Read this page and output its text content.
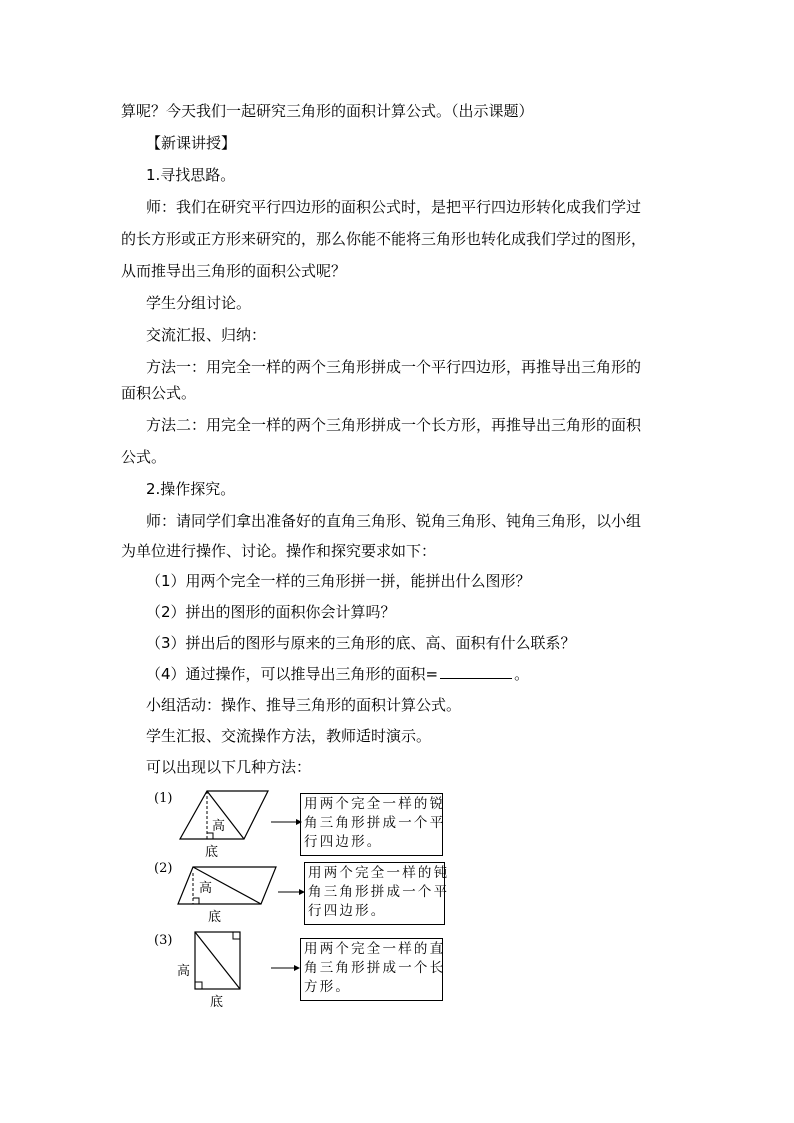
算呢？今天我们一起研究三角形的面积计算公式。（出示课题）
【新课讲授】
1.寻找思路。
师：我们在研究平行四边形的面积公式时，是把平行四边形转化成我们学过
的长方形或正方形来研究的，那么你能不能将三角形也转化成我们学过的图形，
从而推导出三角形的面积公式呢？
学生分组讨论。
交流汇报、归纳：
方法一：用完全一样的两个三角形拼成一个平行四边形，再推导出三角形的
面积公式。
方法二：用完全一样的两个三角形拼成一个长方形，再推导出三角形的面积
公式。
2.操作探究。
师：请同学们拿出准备好的直角三角形、锐角三角形、钝角三角形，以小组
为单位进行操作、讨论。操作和探究要求如下：
（1）用两个完全一样的三角形拼一拼，能拼出什么图形？
（2）拼出的图形的面积你会计算吗？
（3）拼出后的图形与原来的三角形的底、高、面积有什么联系？
（4）通过操作，可以推导出三角形的面积=	。
小组活动：操作、推导三角形的面积计算公式。
学生汇报、交流操作方法，教师适时演示。
可以出现以下几种方法：
(1)
高
底
用两个完全一样的锐
角三角形拼成一个平
行四边形。
(2)
高
底
用两个完全一样的钝
角三角形拼成一个平
行四边形。
(3)
高
底
用两个完全一样的直
角三角形拼成一个长
方形。
